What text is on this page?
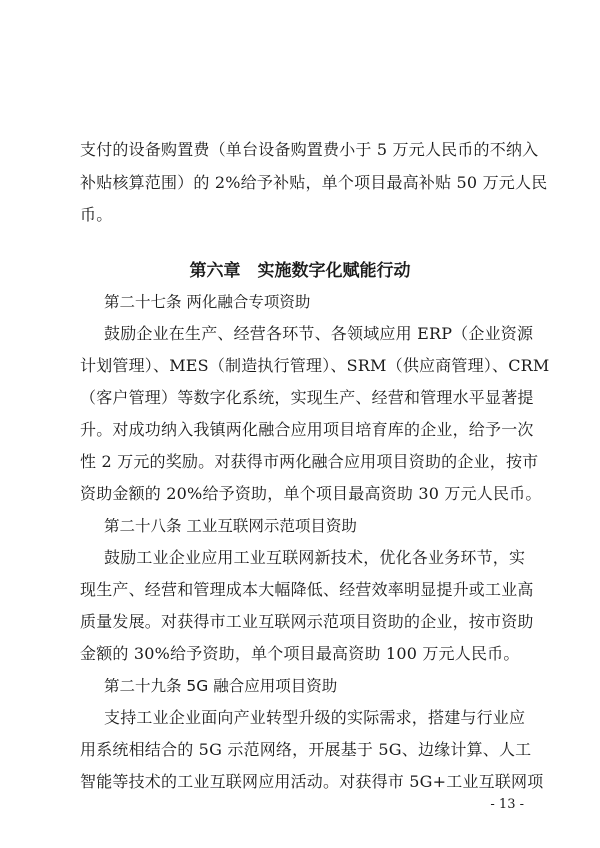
支付的设备购置费（单台设备购置费小于 5 万元人民币的不纳入
补贴核算范围）的 2%给予补贴，单个项目最高补贴 50 万元人民
币。
第六章　实施数字化赋能行动
第二十七条 两化融合专项资助
鼓励企业在生产、经营各环节、各领域应用 ERP（企业资源
计划管理）、MES（制造执行管理）、SRM（供应商管理）、CRM
（客户管理）等数字化系统，实现生产、经营和管理水平显著提
升。对成功纳入我镇两化融合应用项目培育库的企业，给予一次
性 2 万元的奖励。对获得市两化融合应用项目资助的企业，按市
资助金额的 20%给予资助，单个项目最高资助 30 万元人民币。
第二十八条 工业互联网示范项目资助
鼓励工业企业应用工业互联网新技术，优化各业务环节，实
现生产、经营和管理成本大幅降低、经营效率明显提升或工业高
质量发展。对获得市工业互联网示范项目资助的企业，按市资助
金额的 30%给予资助，单个项目最高资助 100 万元人民币。
第二十九条 5G 融合应用项目资助
支持工业企业面向产业转型升级的实际需求，搭建与行业应
用系统相结合的 5G 示范网络，开展基于 5G、边缘计算、人工
智能等技术的工业互联网应用活动。对获得市 5G+工业互联网项
- 13 -
